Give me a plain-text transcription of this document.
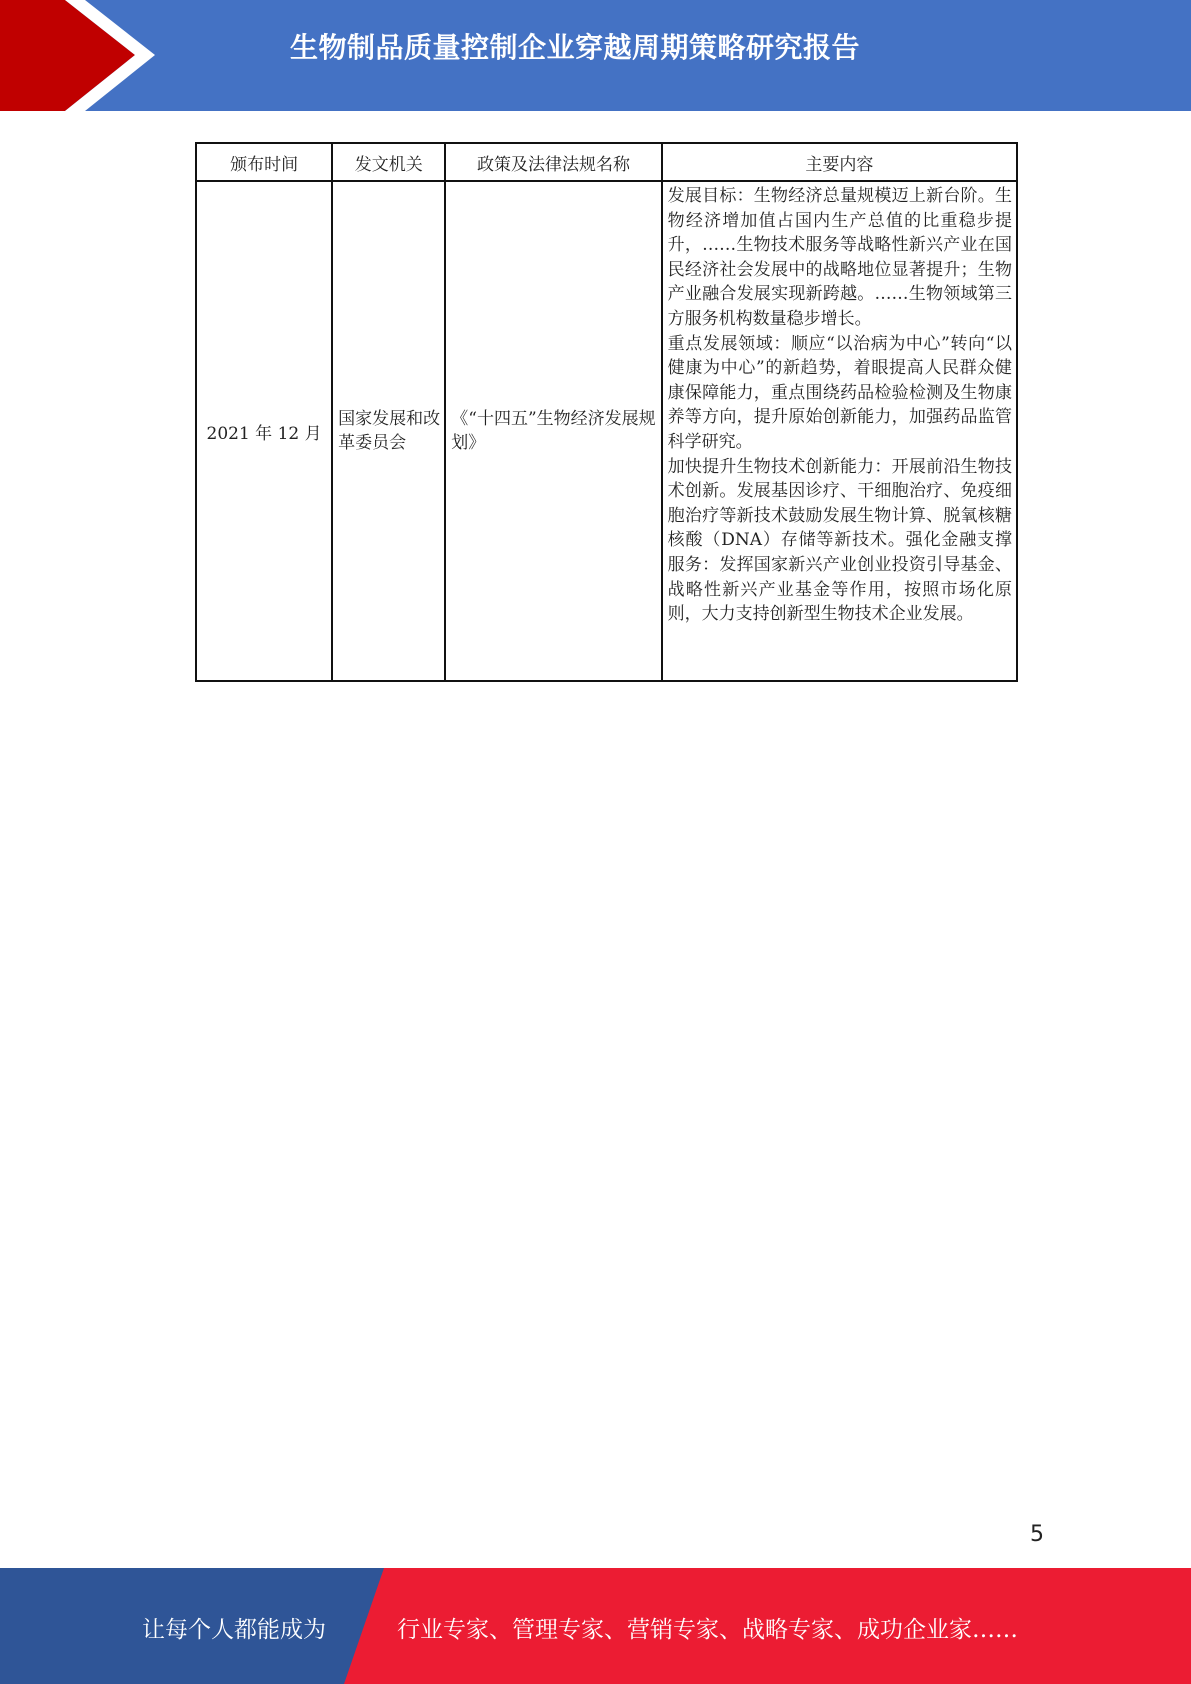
生物制品质量控制企业穿越周期策略研究报告
颁布时间	发文机关	政策及法律法规名称	主要内容
2021 年 12 月	国家发展和改革委员会	《“十四五”生物经济发展规划》	发展目标：生物经济总量规模迈上新台阶。生物经济增加值占国内生产总值的比重稳步提升，……生物技术服务等战略性新兴产业在国民经济社会发展中的战略地位显著提升；生物产业融合发展实现新跨越。……生物领域第三方服务机构数量稳步增长。
重点发展领域：顺应“以治病为中心”转向“以健康为中心”的新趋势，着眼提高人民群众健康保障能力，重点围绕药品检验检测及生物康养等方向，提升原始创新能力，加强药品监管科学研究。
加快提升生物技术创新能力：开展前沿生物技术创新。发展基因诊疗、干细胞治疗、免疫细胞治疗等新技术鼓励发展生物计算、脱氧核糖核酸（DNA）存储等新技术。强化金融支撑服务：发挥国家新兴产业创业投资引导基金、战略性新兴产业基金等作用，按照市场化原则，大力支持创新型生物技术企业发展。
5
让每个人都能成为	行业专家、管理专家、营销专家、战略专家、成功企业家……
